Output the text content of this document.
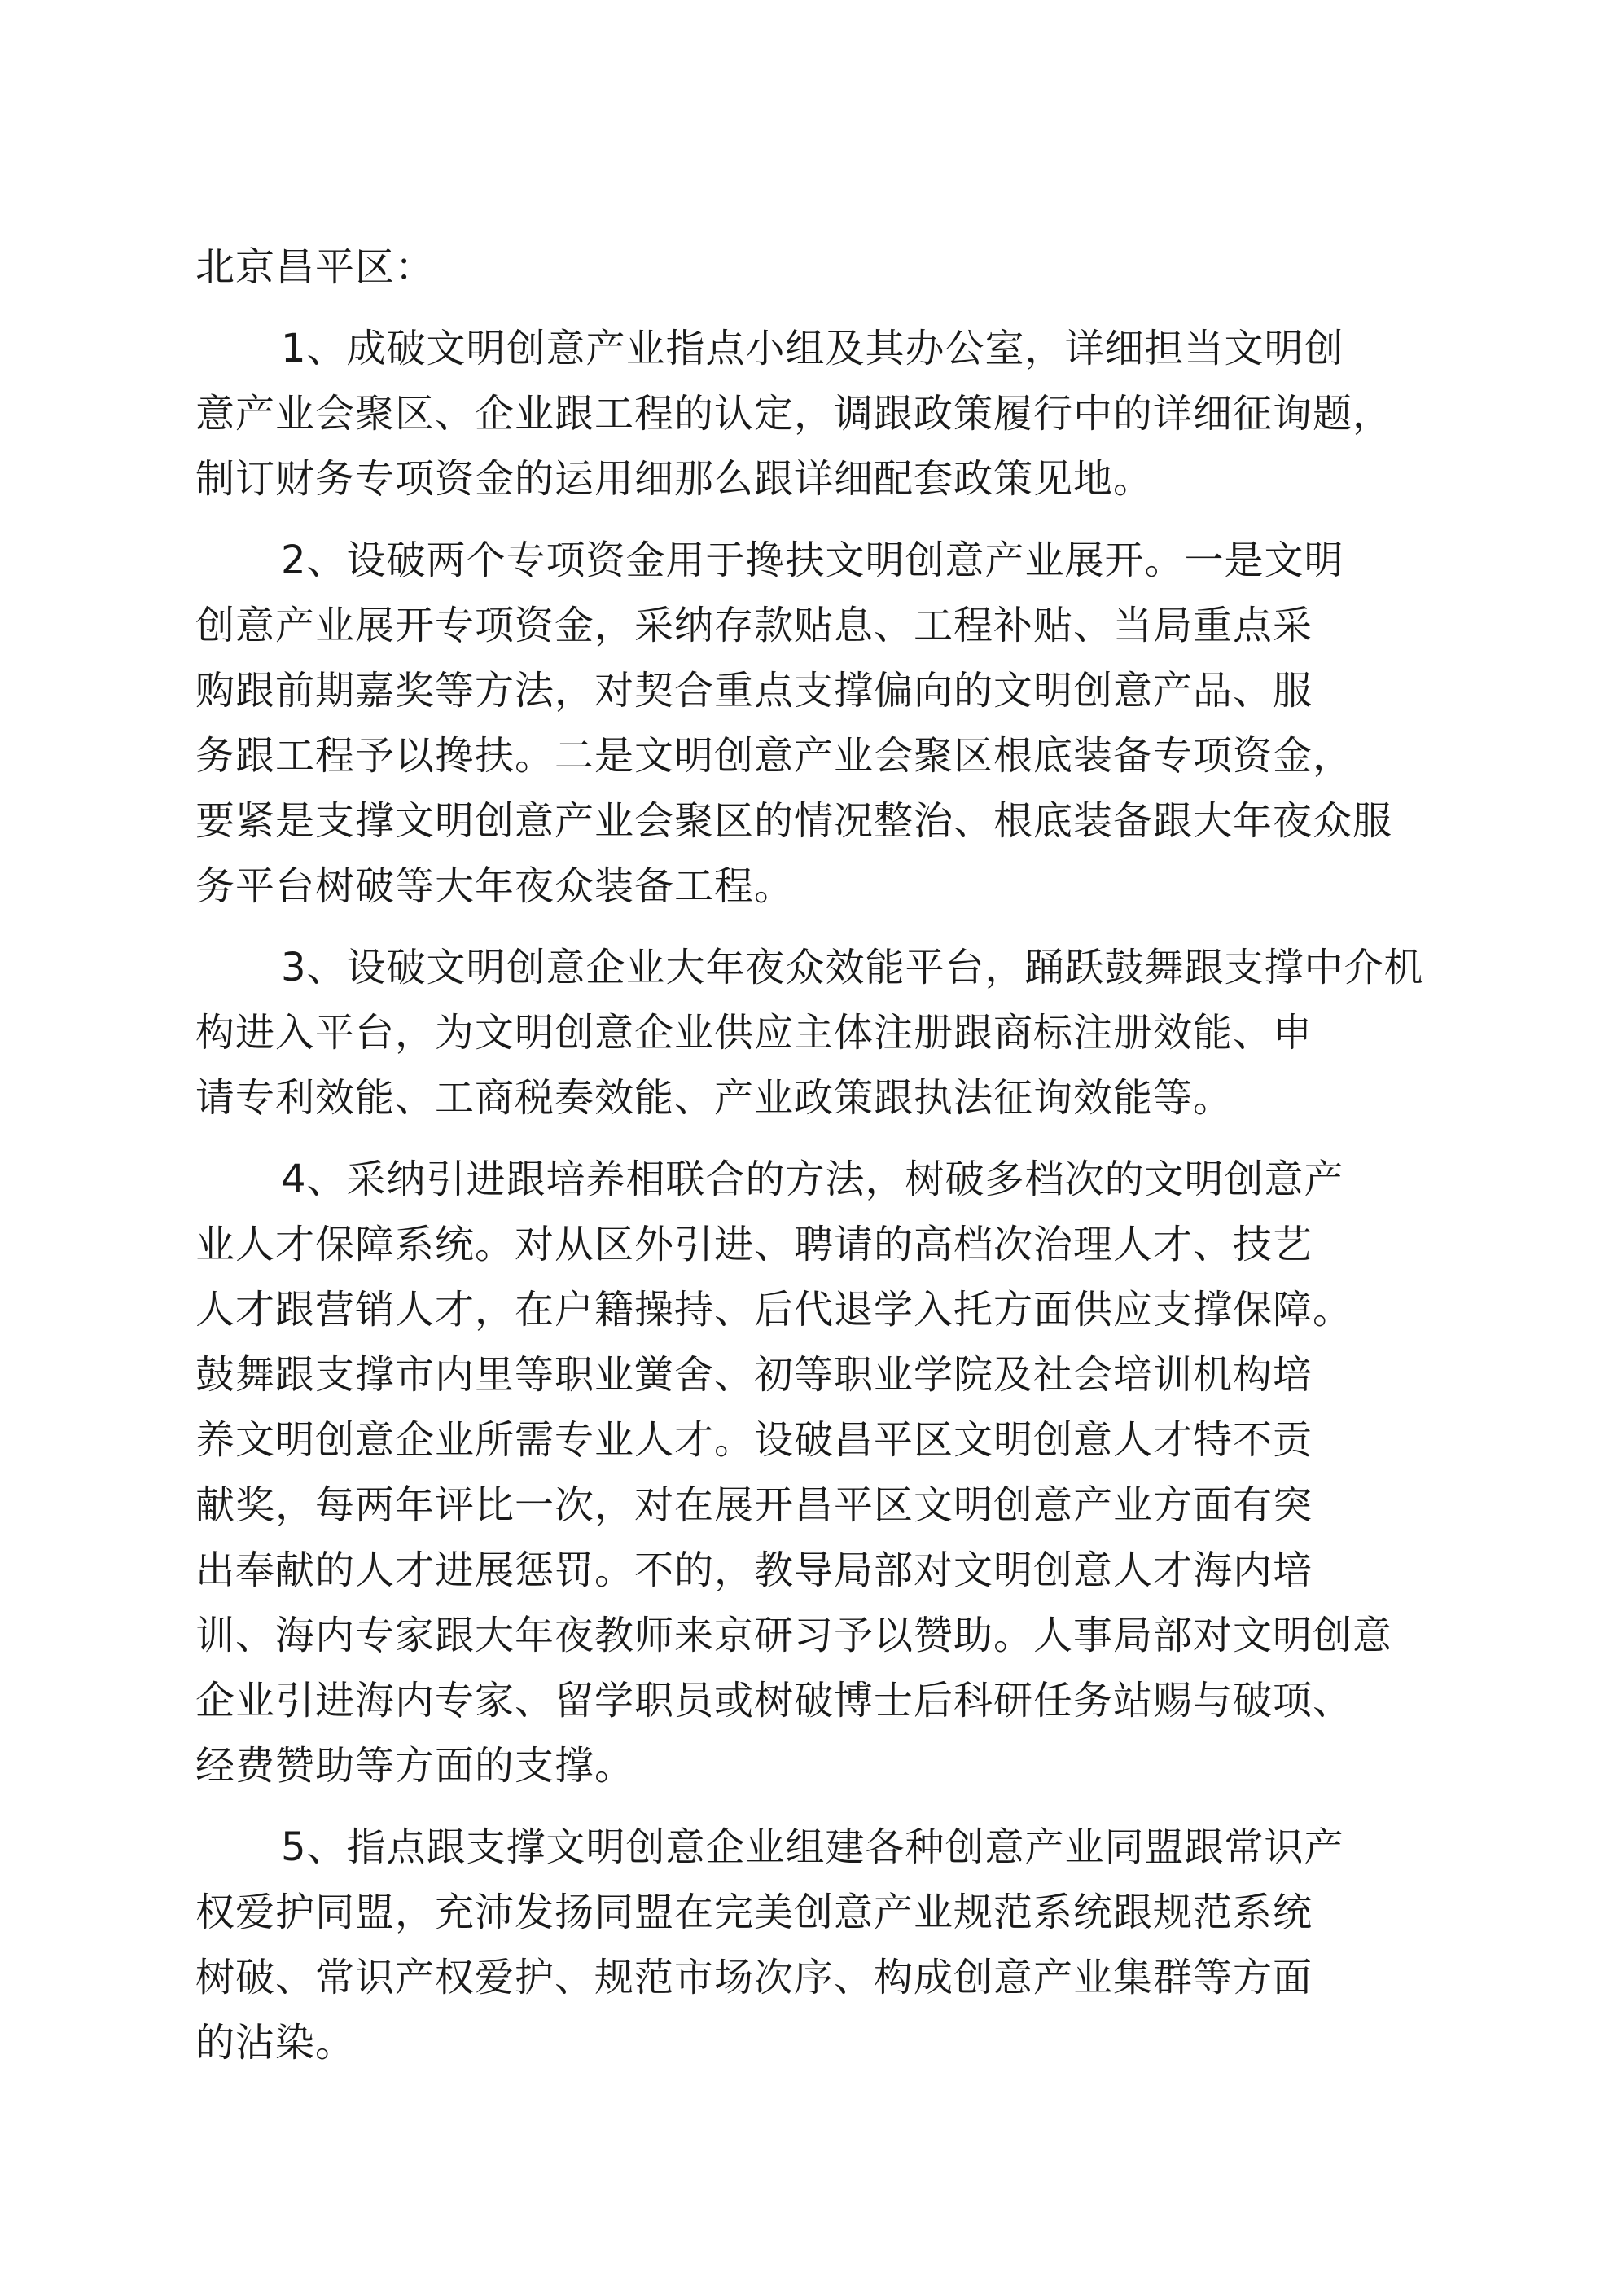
北京昌平区：

1、成破文明创意产业指点小组及其办公室，详细担当文明创

意产业会聚区、企业跟工程的认定，调跟政策履行中的详细征询题，

制订财务专项资金的运用细那么跟详细配套政策见地。

2、设破两个专项资金用于搀扶文明创意产业展开。一是文明

创意产业展开专项资金，采纳存款贴息、工程补贴、当局重点采

购跟前期嘉奖等方法，对契合重点支撑偏向的文明创意产品、服

务跟工程予以搀扶。二是文明创意产业会聚区根底装备专项资金，

要紧是支撑文明创意产业会聚区的情况整治、根底装备跟大年夜众服

务平台树破等大年夜众装备工程。

3、设破文明创意企业大年夜众效能平台，踊跃鼓舞跟支撑中介机

构进入平台，为文明创意企业供应主体注册跟商标注册效能、申

请专利效能、工商税奏效能、产业政策跟执法征询效能等。

4、采纳引进跟培养相联合的方法，树破多档次的文明创意产

业人才保障系统。对从区外引进、聘请的高档次治理人才、技艺

人才跟营销人才，在户籍操持、后代退学入托方面供应支撑保障。

鼓舞跟支撑市内里等职业黉舍、初等职业学院及社会培训机构培

养文明创意企业所需专业人才。设破昌平区文明创意人才特不贡

献奖，每两年评比一次，对在展开昌平区文明创意产业方面有突

出奉献的人才进展惩罚。不的，教导局部对文明创意人才海内培

训、海内专家跟大年夜教师来京研习予以赞助。人事局部对文明创意

企业引进海内专家、留学职员或树破博士后科研任务站赐与破项、

经费赞助等方面的支撑。

5、指点跟支撑文明创意企业组建各种创意产业同盟跟常识产

权爱护同盟，充沛发扬同盟在完美创意产业规范系统跟规范系统

树破、常识产权爱护、规范市场次序、构成创意产业集群等方面

的沾染。
